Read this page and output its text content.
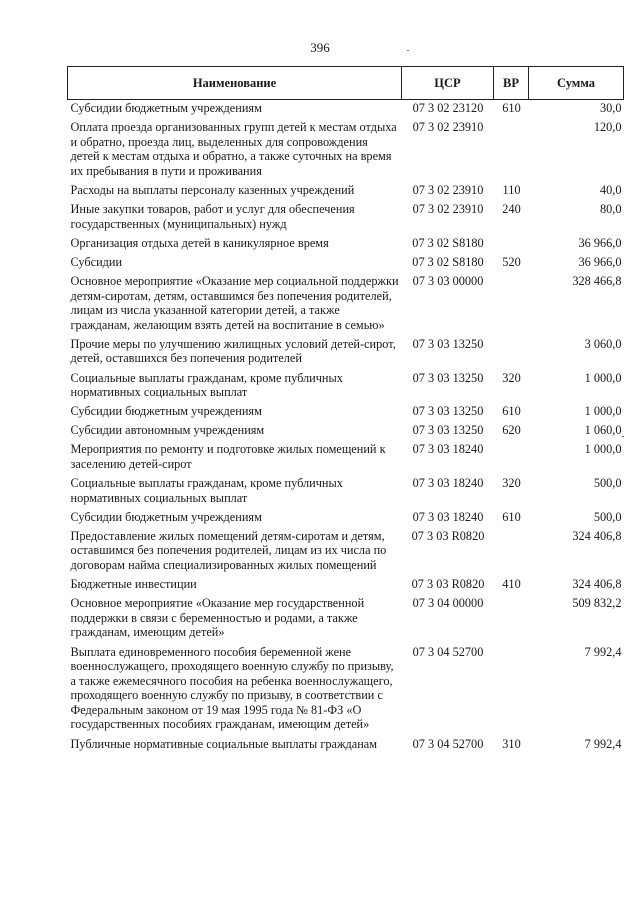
396
Наименование	ЦСР	ВР	Сумма
Субсидии бюджетным учреждениям	07 3 02 23120	610	30,0
Оплата проезда организованных групп детей к местам отдыха и обратно, проезда лиц, выделенных для сопровождения детей к местам отдыха и обратно, а также суточных на время их пребывания в пути и проживания	07 3 02 23910		120,0
Расходы на выплаты персоналу казенных учреждений	07 3 02 23910	110	40,0
Иные закупки товаров, работ и услуг для обеспечения государственных (муниципальных) нужд	07 3 02 23910	240	80,0
Организация отдыха детей в каникулярное время	07 3 02 S8180		36 966,0
Субсидии	07 3 02 S8180	520	36 966,0
Основное мероприятие «Оказание мер социальной поддержки детям-сиротам, детям, оставшимся без попечения родителей, лицам из числа указанной категории детей, а также гражданам, желающим взять детей на воспитание в семью»	07 3 03 00000		328 466,8
Прочие меры по улучшению жилищных условий детей-сирот, детей, оставшихся без попечения родителей	07 3 03 13250		3 060,0
Социальные выплаты гражданам, кроме публичных нормативных социальных выплат	07 3 03 13250	320	1 000,0
Субсидии бюджетным учреждениям	07 3 03 13250	610	1 000,0
Субсидии автономным учреждениям	07 3 03 13250	620	1 060,0
Мероприятия по ремонту и подготовке жилых помещений к заселению детей-сирот	07 3 03 18240		1 000,0
Социальные выплаты гражданам, кроме публичных нормативных социальных выплат	07 3 03 18240	320	500,0
Субсидии бюджетным учреждениям	07 3 03 18240	610	500,0
Предоставление жилых помещений детям-сиротам и детям, оставшимся без попечения родителей, лицам из их числа по договорам найма специализированных жилых помещений	07 3 03 R0820		324 406,8
Бюджетные инвестиции	07 3 03 R0820	410	324 406,8
Основное мероприятие «Оказание мер государственной поддержки в связи с беременностью и родами, а также гражданам, имеющим детей»	07 3 04 00000		509 832,2
Выплата единовременного пособия беременной жене военнослужащего, проходящего военную службу по призыву, а также ежемесячного пособия на ребенка военнослужащего, проходящего военную службу по призыву, в соответствии с Федеральным законом от 19 мая 1995 года № 81-ФЗ «О государственных пособиях гражданам, имеющим детей»	07 3 04 52700		7 992,4
Публичные нормативные социальные выплаты гражданам	07 3 04 52700	310	7 992,4
